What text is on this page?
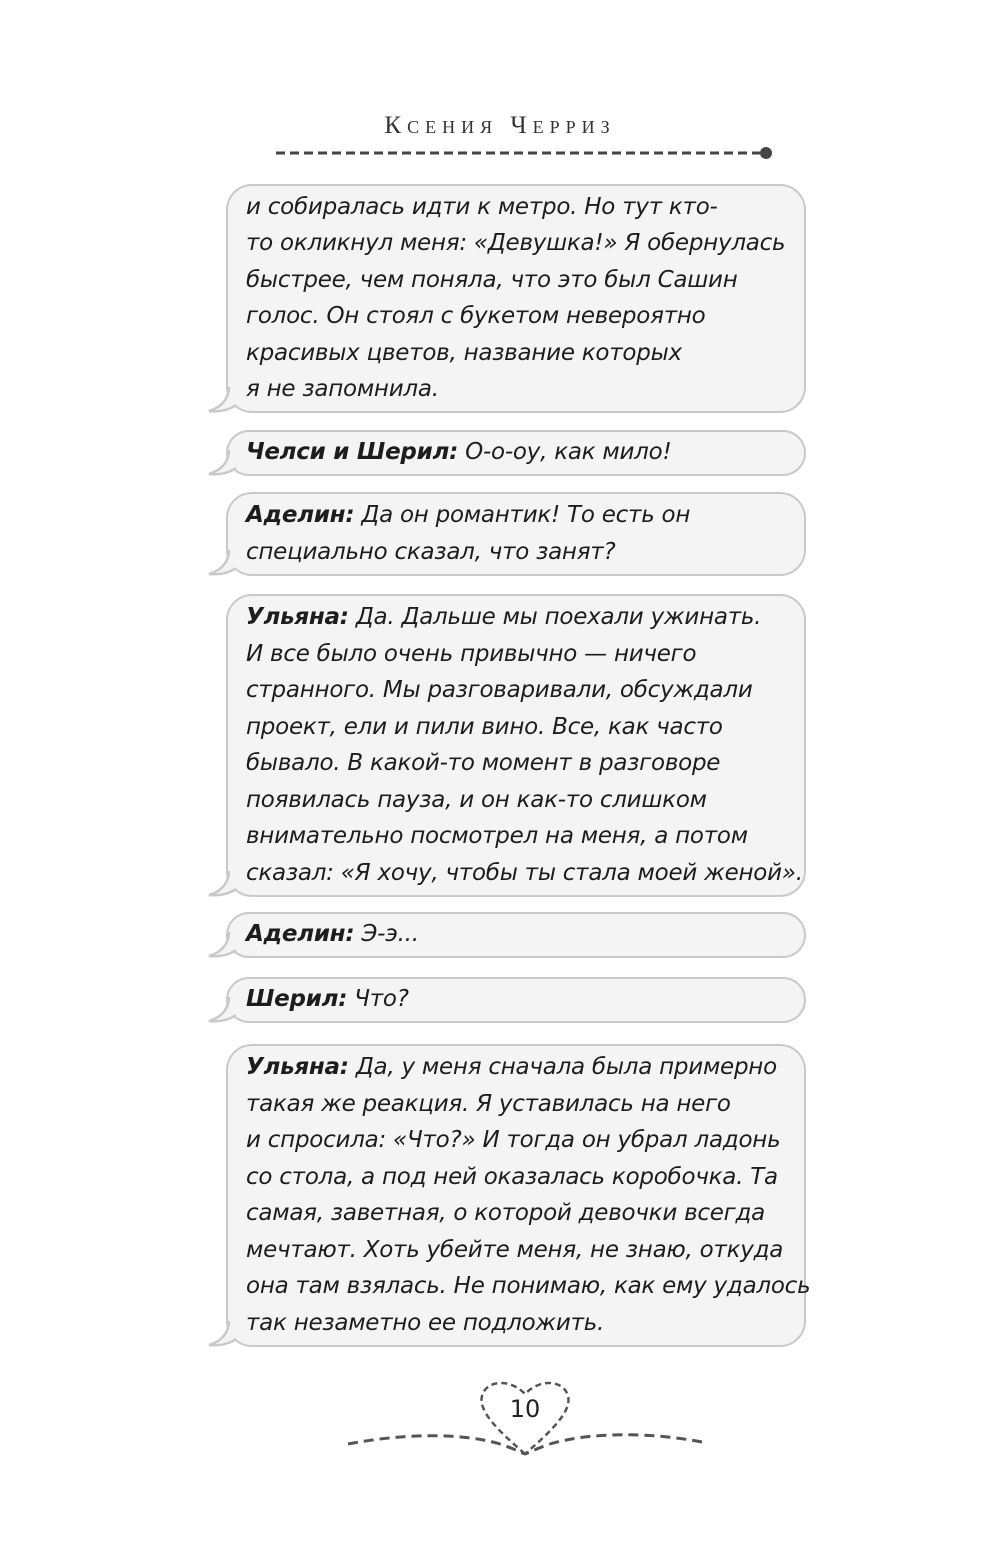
Ксения Черриз
и собиралась идти к метро. Но тут кто-
то окликнул меня: «Девушка!» Я обернулась
быстрее, чем поняла, что это был Сашин
голос. Он стоял с букетом невероятно
красивых цветов, название которых
я не запомнила.
Челси и Шерил: О-о-оу, как мило!
Аделин: Да он романтик! То есть он
специально сказал, что занят?
Ульяна: Да. Дальше мы поехали ужинать.
И все было очень привычно — ничего
странного. Мы разговаривали, обсуждали
проект, ели и пили вино. Все, как часто
бывало. В какой-то момент в разговоре
появилась пауза, и он как-то слишком
внимательно посмотрел на меня, а потом
сказал: «Я хочу, чтобы ты стала моей женой».
Аделин: Э-э...
Шерил: Что?
Ульяна: Да, у меня сначала была примерно
такая же реакция. Я уставилась на него
и спросила: «Что?» И тогда он убрал ладонь
со стола, а под ней оказалась коробочка. Та
самая, заветная, о которой девочки всегда
мечтают. Хоть убейте меня, не знаю, откуда
она там взялась. Не понимаю, как ему удалось
так незаметно ее подложить.
10
